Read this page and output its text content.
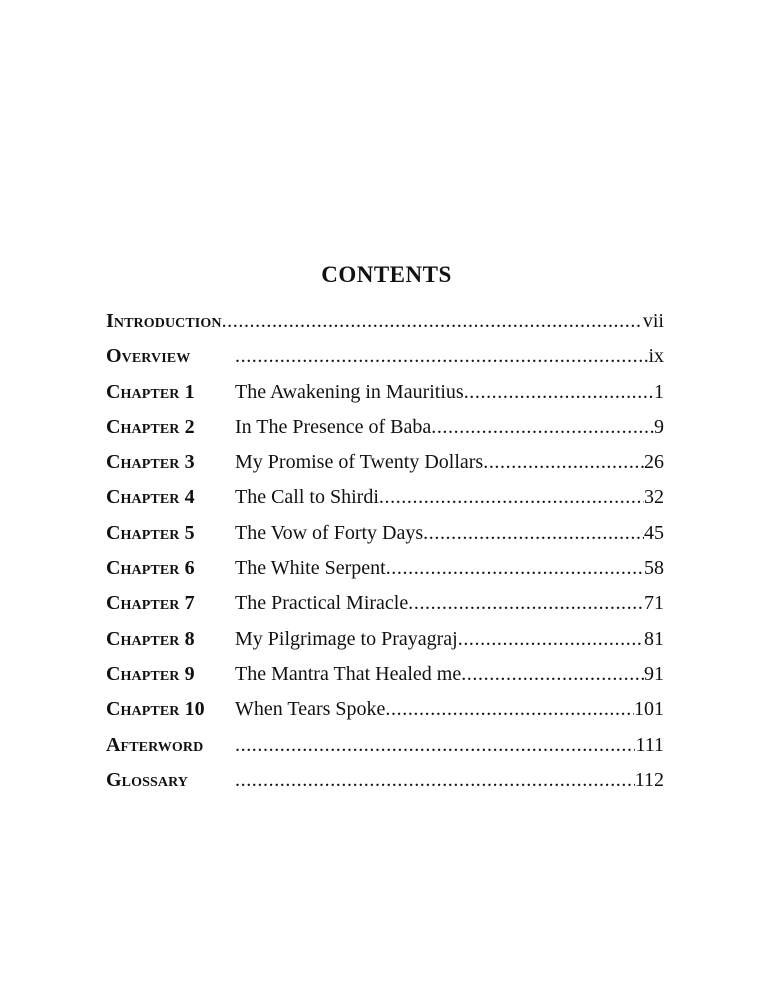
CONTENTS
Introduction .....	vii
Overview .....	ix
Chapter 1	The Awakening in Mauritius .....	1
Chapter 2	In The Presence of Baba .....	9
Chapter 3	My Promise of Twenty Dollars .....	26
Chapter 4	The Call to Shirdi .....	32
Chapter 5	The Vow of Forty Days .....	45
Chapter 6	The White Serpent .....	58
Chapter 7	The Practical Miracle .....	71
Chapter 8	My Pilgrimage to Prayagraj .....	81
Chapter 9	The Mantra That Healed me .....	91
Chapter 10	When Tears Spoke .....	101
Afterword .....	111
Glossary .....	112
